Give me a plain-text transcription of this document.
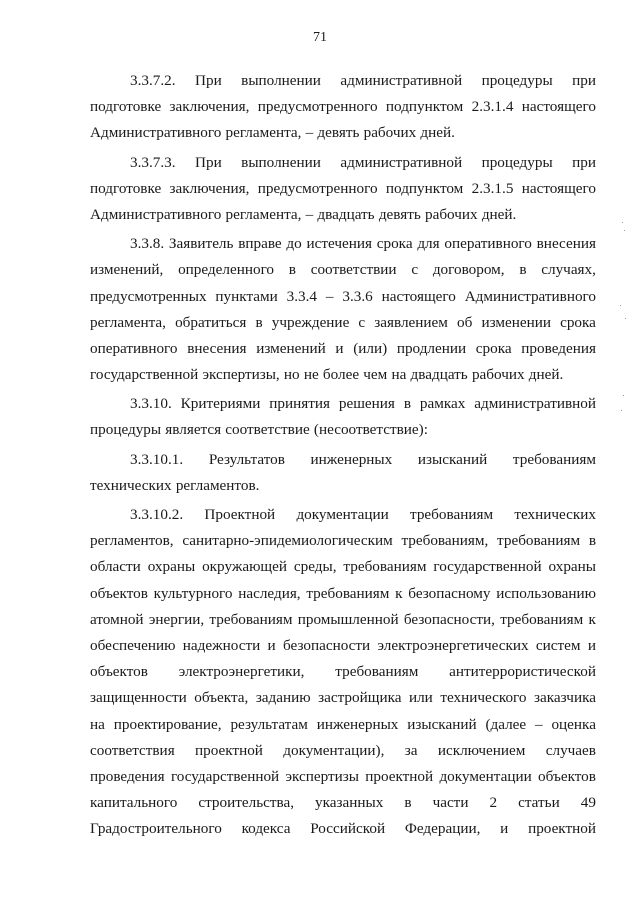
71
3.3.7.2. При выполнении административной процедуры при
подготовке заключения, предусмотренного подпунктом 2.3.1.4 настоящего
Административного регламента, – девять рабочих дней.
3.3.7.3. При выполнении административной процедуры при
подготовке заключения, предусмотренного подпунктом 2.3.1.5 настоящего
Административного регламента, – двадцать девять рабочих дней.
3.3.8. Заявитель вправе до истечения срока для оперативного внесения
изменений, определенного в соответствии с договором, в случаях,
предусмотренных пунктами 3.3.4 – 3.3.6 настоящего Административного
регламента, обратиться в учреждение с заявлением об изменении срока
оперативного внесения изменений и (или) продлении срока проведения
государственной экспертизы, но не более чем на двадцать рабочих дней.
3.3.10. Критериями принятия решения в рамках административной
процедуры является соответствие (несоответствие):
3.3.10.1. Результатов инженерных изысканий требованиям
технических регламентов.
3.3.10.2. Проектной документации требованиям технических
регламентов, санитарно-эпидемиологическим требованиям, требованиям в
области охраны окружающей среды, требованиям государственной охраны
объектов культурного наследия, требованиям к безопасному использованию
атомной энергии, требованиям промышленной безопасности, требованиям к
обеспечению надежности и безопасности электроэнергетических систем и
объектов электроэнергетики, требованиям антитеррористической
защищенности объекта, заданию застройщика или технического заказчика
на проектирование, результатам инженерных изысканий (далее – оценка
соответствия проектной документации), за исключением случаев
проведения государственной экспертизы проектной документации объектов
капитального строительства, указанных в части 2 статьи 49
Градостроительного кодекса Российской Федерации, и проектной
